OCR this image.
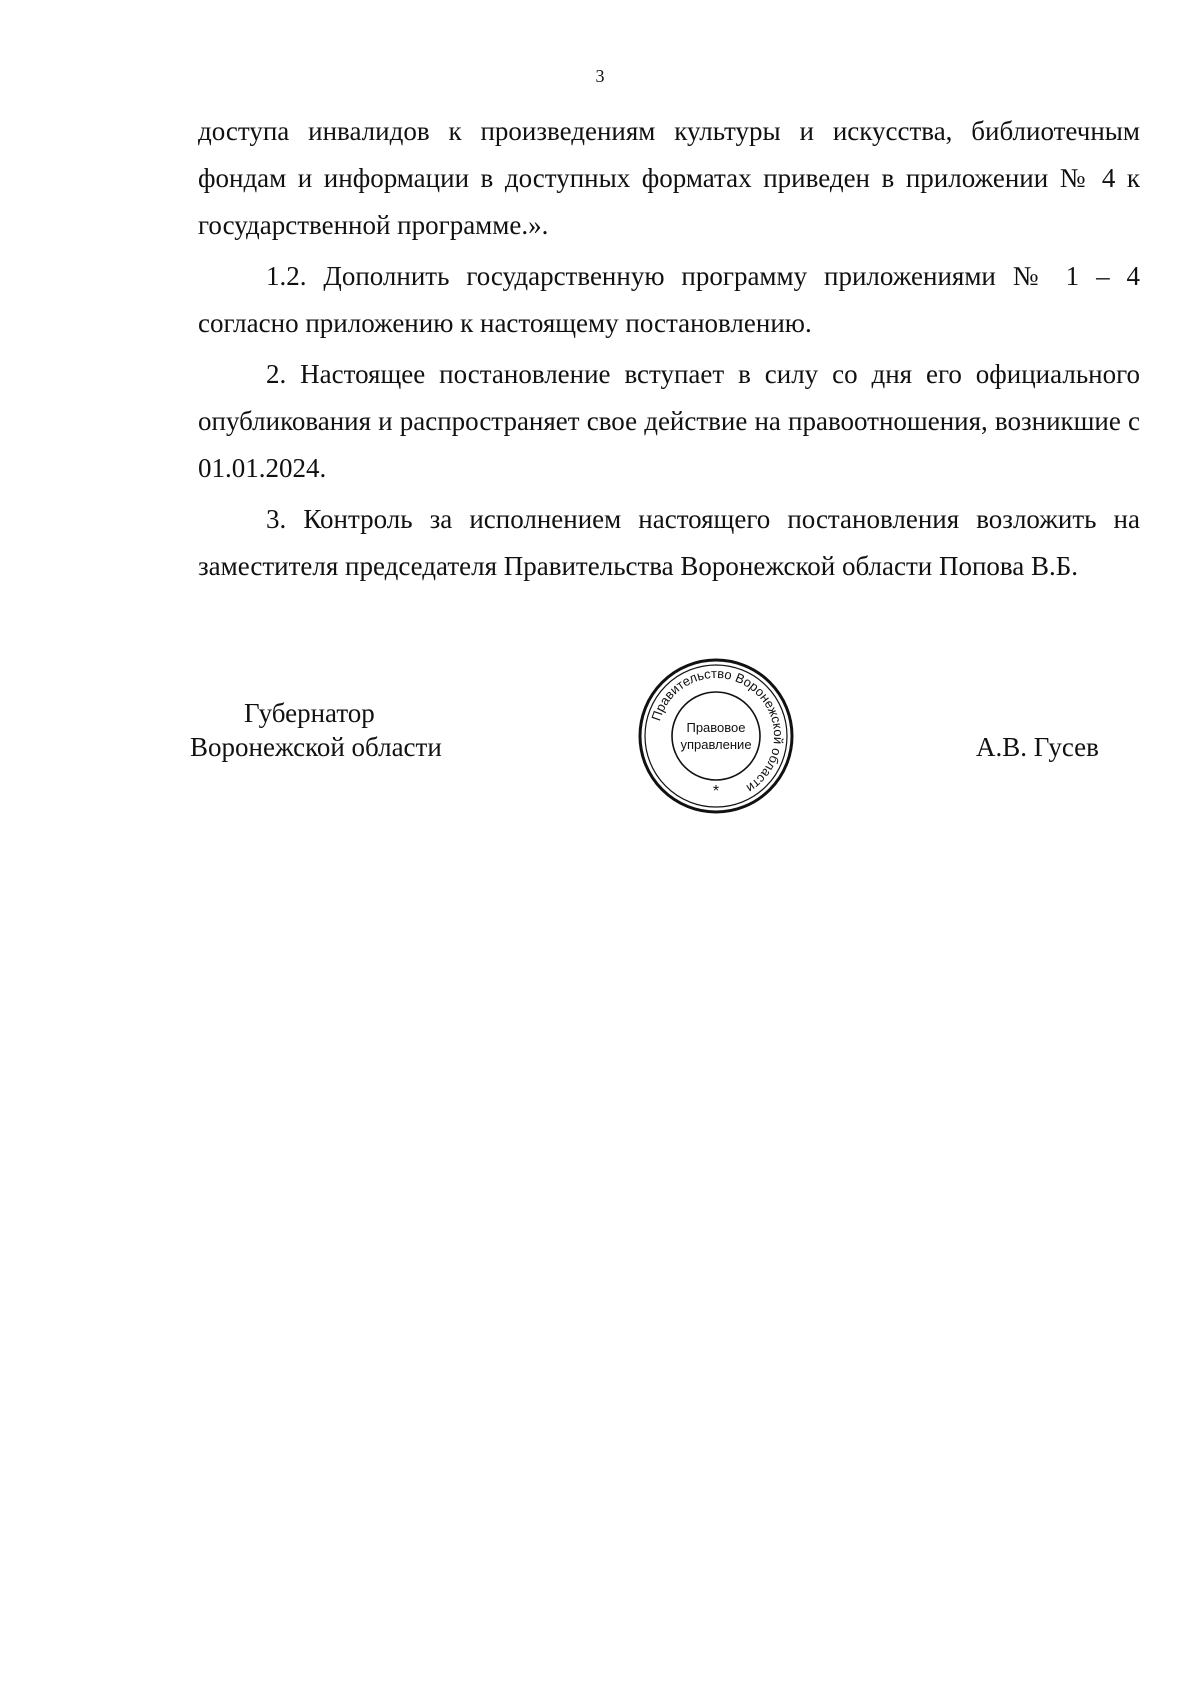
3

доступа инвалидов к произведениям культуры и искусства, библиотечным фондам и информации в доступных форматах приведен в приложении № 4 к государственной программе.».

1.2. Дополнить государственную программу приложениями № 1 – 4 согласно приложению к настоящему постановлению.

2. Настоящее постановление вступает в силу со дня его официального опубликования и распространяет свое действие на правоотношения, возникшие с 01.01.2024.

3. Контроль за исполнением настоящего постановления возложить на заместителя председателя Правительства Воронежской области Попова В.Б.

Губернатор
Воронежской области
Правительство Воронежской области
Правовое
управление
*
А.В. Гусев
